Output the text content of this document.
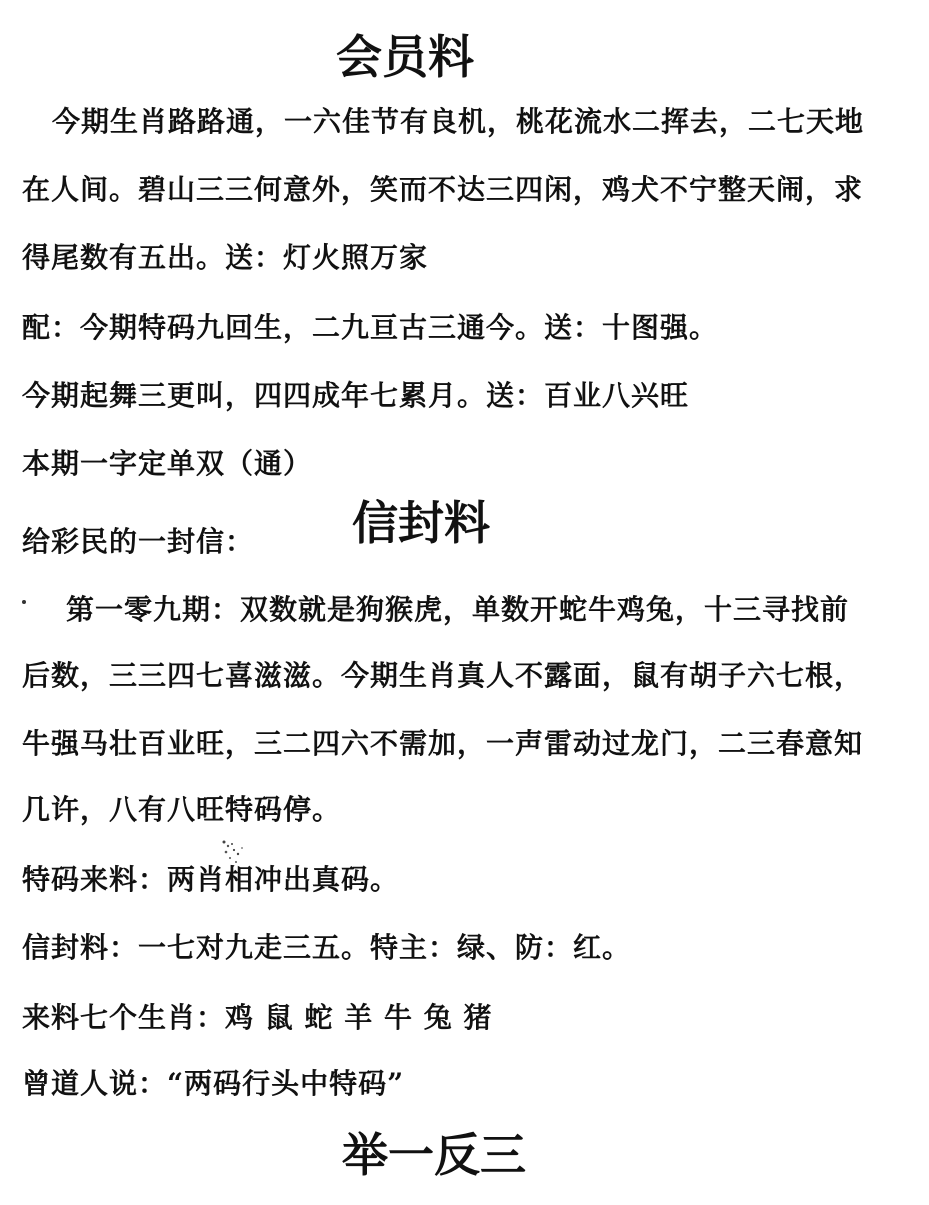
会员料
今期生肖路路通，一六佳节有良机，桃花流水二挥去，二七天地
在人间。碧山三三何意外，笑而不达三四闲，鸡犬不宁整天闹，求
得尾数有五出。送：灯火照万家
配：今期特码九回生，二九亘古三通今。送：十图强。
今期起舞三更叫，四四成年七累月。送：百业八兴旺
本期一字定单双（通）
给彩民的一封信： 信封料
第一零九期：双数就是狗猴虎，单数开蛇牛鸡兔，十三寻找前
后数，三三四七喜滋滋。今期生肖真人不露面，鼠有胡子六七根，
牛强马壮百业旺，三二四六不需加，一声雷动过龙门，二三春意知
几许，八有八旺特码停。
特码来料：两肖相冲出真码。
信封料：一七对九走三五。特主：绿、防：红。
来料七个生肖：鸡 鼠 蛇 羊 牛 兔 猪
曾道人说：“两码行头中特码”
举一反三
